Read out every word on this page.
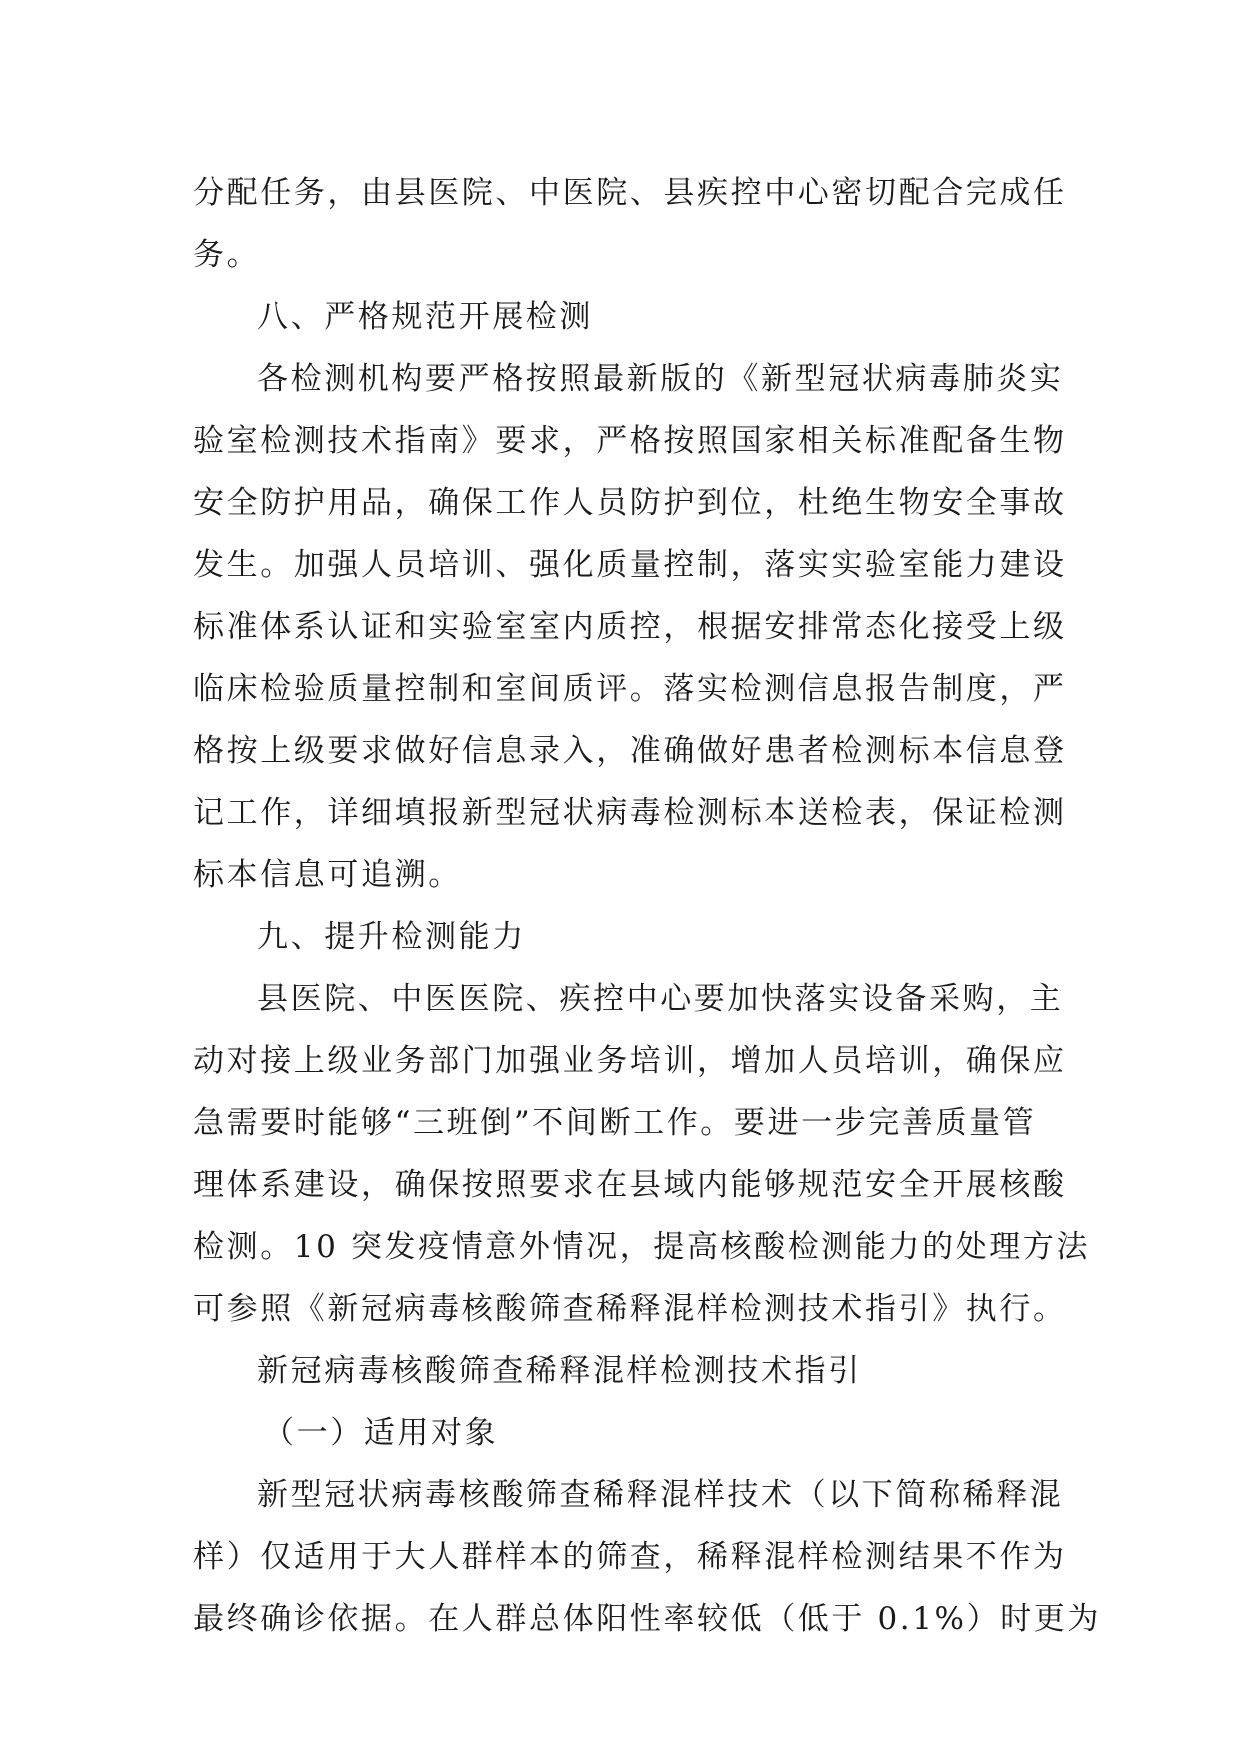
分配任务，由县医院、中医院、县疾控中心密切配合完成任
务。
八、严格规范开展检测
各检测机构要严格按照最新版的《新型冠状病毒肺炎实
验室检测技术指南》要求，严格按照国家相关标准配备生物
安全防护用品，确保工作人员防护到位，杜绝生物安全事故
发生。加强人员培训、强化质量控制，落实实验室能力建设
标准体系认证和实验室室内质控，根据安排常态化接受上级
临床检验质量控制和室间质评。落实检测信息报告制度，严
格按上级要求做好信息录入，准确做好患者检测标本信息登
记工作，详细填报新型冠状病毒检测标本送检表，保证检测
标本信息可追溯。
九、提升检测能力
县医院、中医医院、疾控中心要加快落实设备采购，主
动对接上级业务部门加强业务培训，增加人员培训，确保应
急需要时能够“三班倒”不间断工作。要进一步完善质量管
理体系建设，确保按照要求在县域内能够规范安全开展核酸
检测。10 突发疫情意外情况，提高核酸检测能力的处理方法
可参照《新冠病毒核酸筛查稀释混样检测技术指引》执行。
新冠病毒核酸筛查稀释混样检测技术指引
（一）适用对象
新型冠状病毒核酸筛查稀释混样技术（以下简称稀释混
样）仅适用于大人群样本的筛查，稀释混样检测结果不作为
最终确诊依据。在人群总体阳性率较低（低于 0.1%）时更为
